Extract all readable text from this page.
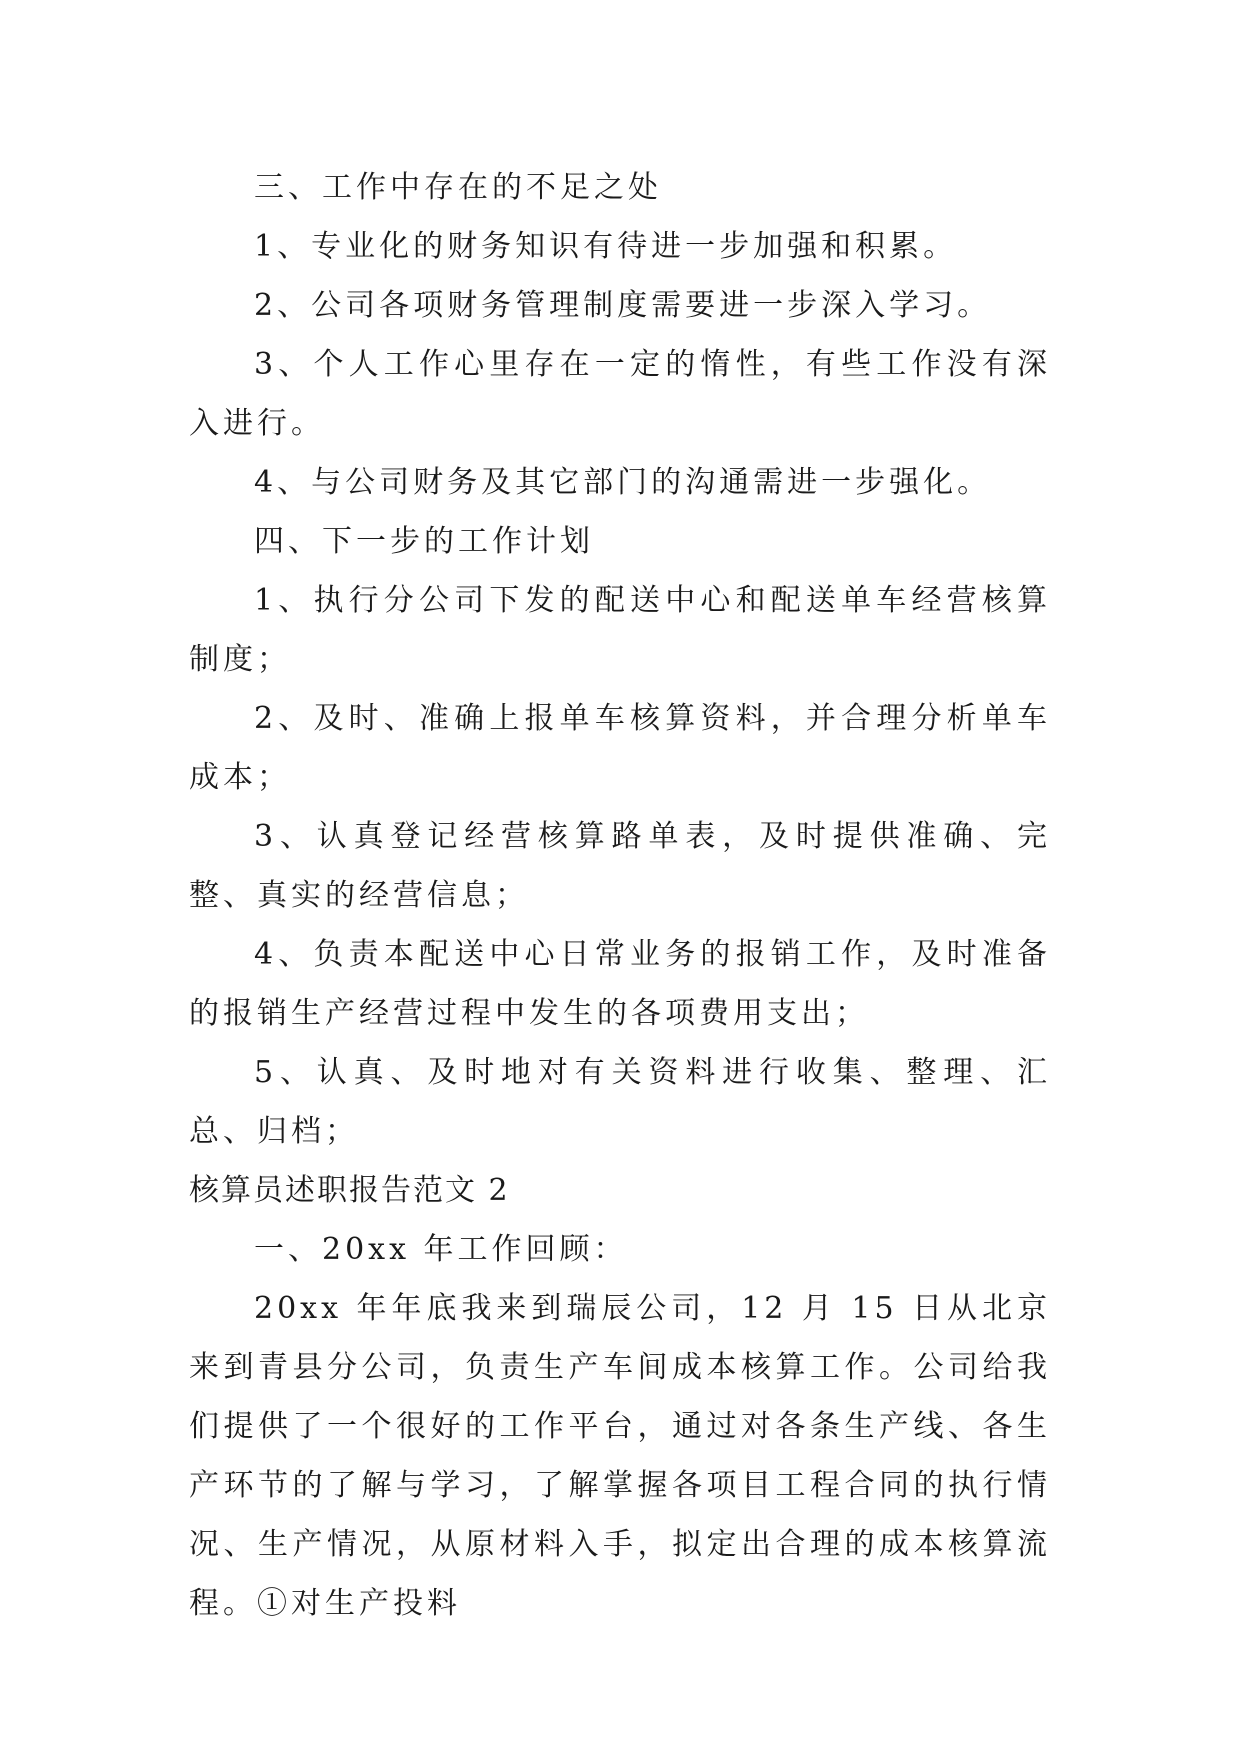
三、工作中存在的不足之处

1、专业化的财务知识有待进一步加强和积累。

2、公司各项财务管理制度需要进一步深入学习。

3、个人工作心里存在一定的惰性，有些工作没有深入进行。

4、与公司财务及其它部门的沟通需进一步强化。

四、下一步的工作计划

1、执行分公司下发的配送中心和配送单车经营核算制度；

2、及时、准确上报单车核算资料，并合理分析单车成本；

3、认真登记经营核算路单表，及时提供准确、完整、真实的经营信息；

4、负责本配送中心日常业务的报销工作，及时准备的报销生产经营过程中发生的各项费用支出；

5、认真、及时地对有关资料进行收集、整理、汇总、归档；

核算员述职报告范文 2

一、20xx 年工作回顾：

20xx 年年底我来到瑞辰公司，12 月 15 日从北京来到青县分公司，负责生产车间成本核算工作。公司给我们提供了一个很好的工作平台，通过对各条生产线、各生产环节的了解与学习，了解掌握各项目工程合同的执行情况、生产情况，从原材料入手，拟定出合理的成本核算流程。①对生产投料
